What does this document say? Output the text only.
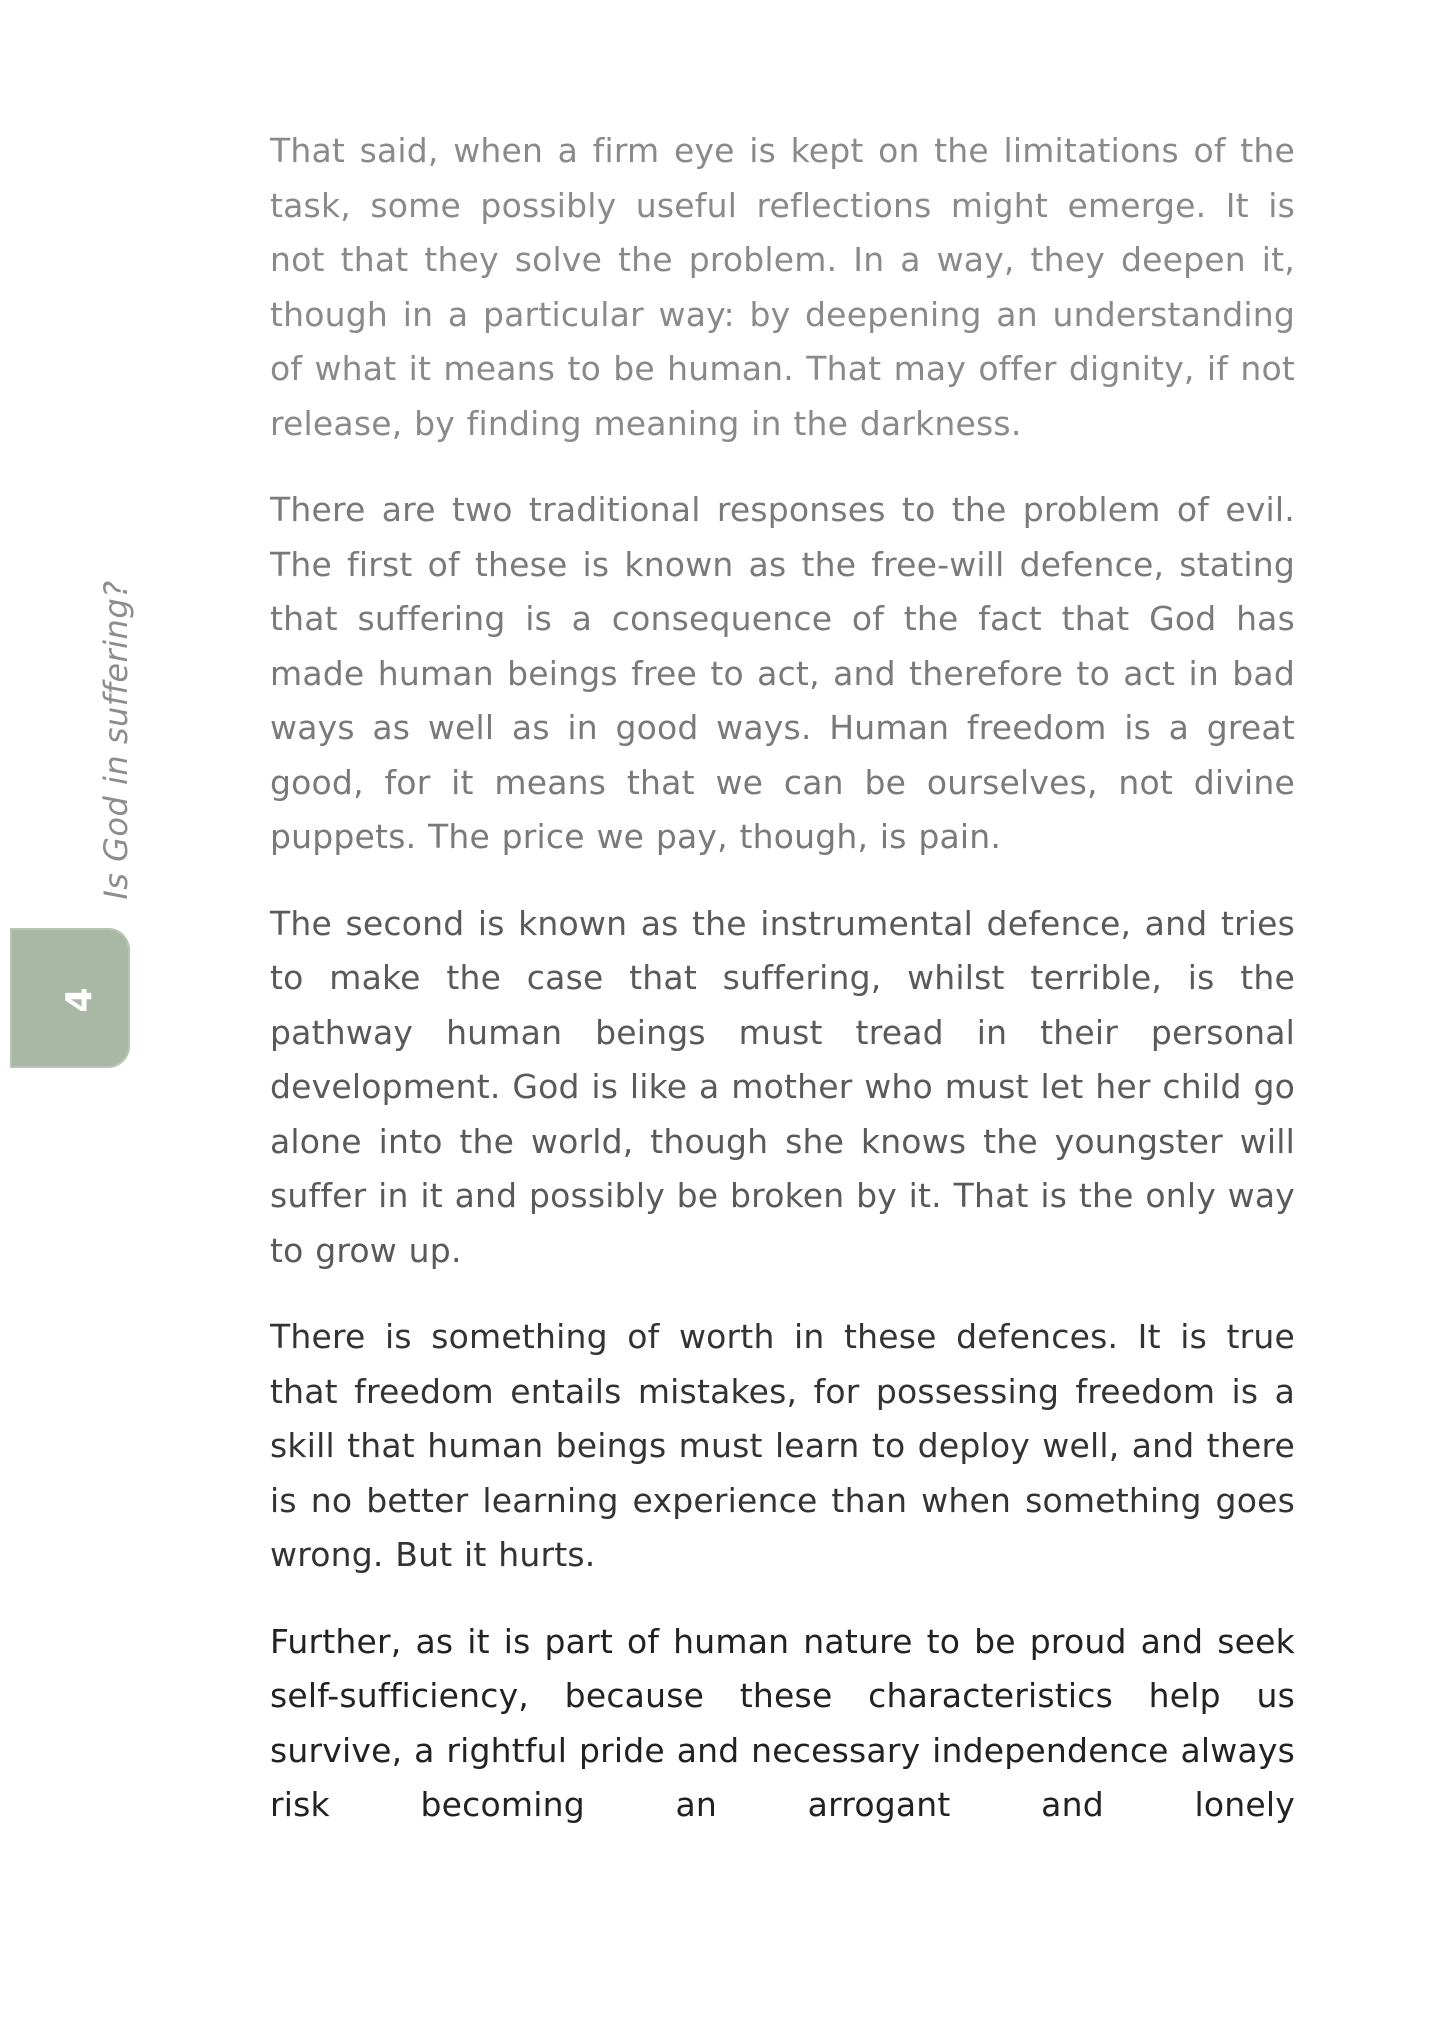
4
Is God in suffering?

That said, when a firm eye is kept on the limitations of the task, some possibly useful reflections might emerge. It is not that they solve the problem. In a way, they deepen it, though in a particular way: by deepening an understanding of what it means to be human. That may offer dignity, if not release, by finding meaning in the darkness.

There are two traditional responses to the problem of evil. The first of these is known as the free-will defence, stating that suffering is a consequence of the fact that God has made human beings free to act, and therefore to act in bad ways as well as in good ways. Human freedom is a great good, for it means that we can be ourselves, not divine puppets. The price we pay, though, is pain.

The second is known as the instrumental defence, and tries to make the case that suffering, whilst terrible, is the pathway human beings must tread in their personal development. God is like a mother who must let her child go alone into the world, though she knows the youngster will suffer in it and possibly be broken by it. That is the only way to grow up.

There is something of worth in these defences. It is true that freedom entails mistakes, for possessing freedom is a skill that human beings must learn to deploy well, and there is no better learning experience than when something goes wrong. But it hurts.

Further, as it is part of human nature to be proud and seek self-sufficiency, because these characteristics help us survive, a rightful pride and necessary independence always risk becoming an arrogant and lonely
